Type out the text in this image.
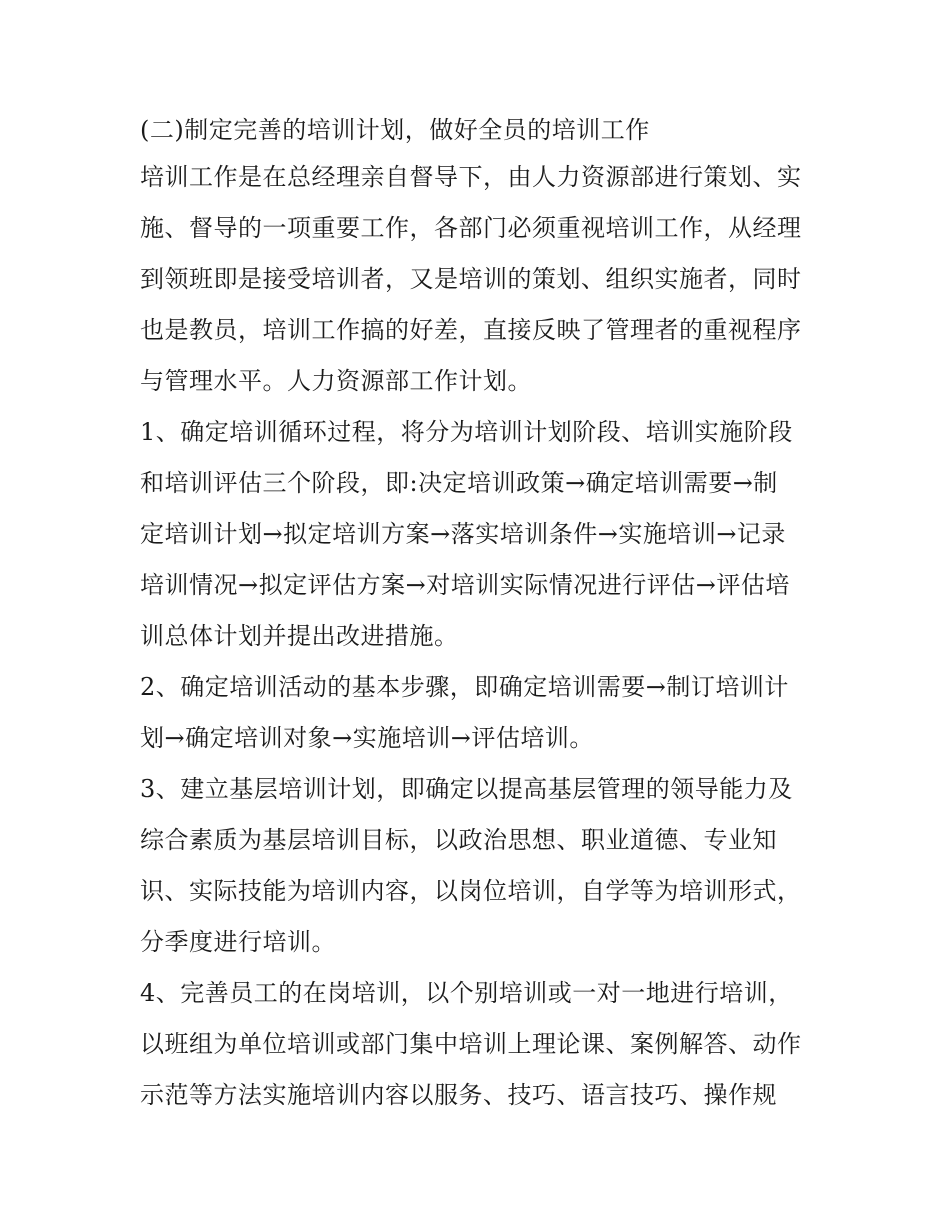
(二)制定完善的培训计划，做好全员的培训工作
培训工作是在总经理亲自督导下，由人力资源部进行策划、实
施、督导的一项重要工作，各部门必须重视培训工作，从经理
到领班即是接受培训者，又是培训的策划、组织实施者，同时
也是教员，培训工作搞的好差，直接反映了管理者的重视程序
与管理水平。人力资源部工作计划。
1、确定培训循环过程，将分为培训计划阶段、培训实施阶段
和培训评估三个阶段，即:决定培训政策→确定培训需要→制
定培训计划→拟定培训方案→落实培训条件→实施培训→记录
培训情况→拟定评估方案→对培训实际情况进行评估→评估培
训总体计划并提出改进措施。
2、确定培训活动的基本步骤，即确定培训需要→制订培训计
划→确定培训对象→实施培训→评估培训。
3、建立基层培训计划，即确定以提高基层管理的领导能力及
综合素质为基层培训目标，以政治思想、职业道德、专业知
识、实际技能为培训内容，以岗位培训，自学等为培训形式，
分季度进行培训。
4、完善员工的在岗培训，以个别培训或一对一地进行培训，
以班组为单位培训或部门集中培训上理论课、案例解答、动作
示范等方法实施培训内容以服务、技巧、语言技巧、操作规
